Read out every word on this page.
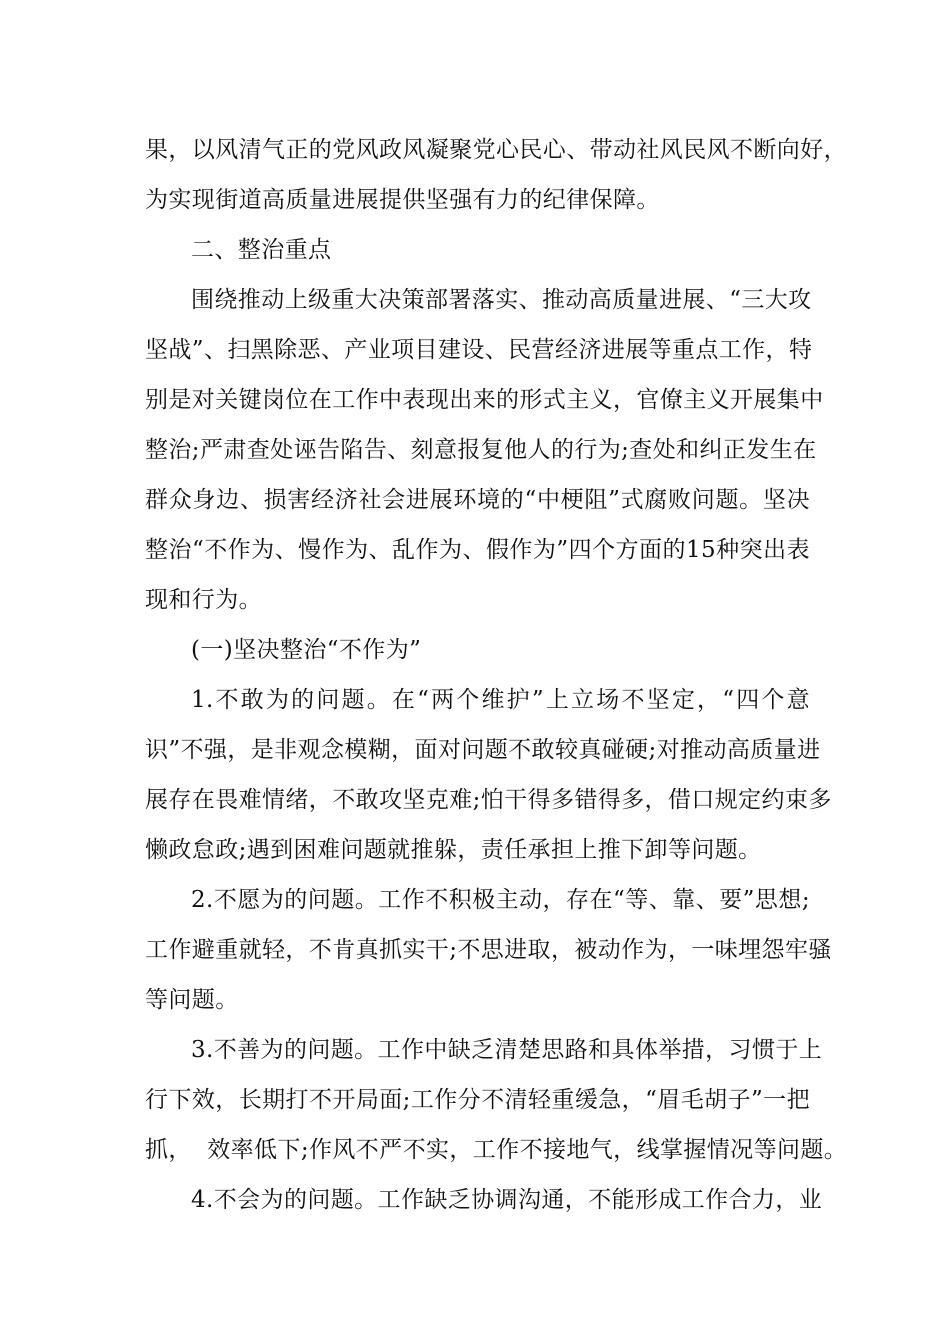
果，以风清气正的党风政风凝聚党心民心、带动社风民风不断向好，
为实现街道高质量进展提供坚强有力的纪律保障。
二、整治重点
围绕推动上级重大决策部署落实、推动高质量进展、“三大攻
坚战”、扫黑除恶、产业项目建设、民营经济进展等重点工作，特
别是对关键岗位在工作中表现出来的形式主义，官僚主义开展集中
整治;严肃查处诬告陷告、刻意报复他人的行为;查处和纠正发生在
群众身边、损害经济社会进展环境的“中梗阻”式腐败问题。坚决
整治“不作为、慢作为、乱作为、假作为”四个方面的15种突出表
现和行为。
(一)坚决整治“不作为”
1.不敢为的问题。在“两个维护”上立场不坚定，“四个意
识”不强，是非观念模糊，面对问题不敢较真碰硬;对推动高质量进
展存在畏难情绪，不敢攻坚克难;怕干得多错得多，借口规定约束多
懒政怠政;遇到困难问题就推躲，责任承担上推下卸等问题。
2.不愿为的问题。工作不积极主动，存在“等、靠、要”思想;
工作避重就轻，不肯真抓实干;不思进取，被动作为，一味埋怨牢骚
等问题。
3.不善为的问题。工作中缺乏清楚思路和具体举措，习惯于上
行下效，长期打不开局面;工作分不清轻重缓急，“眉毛胡子”一把
抓，  效率低下;作风不严不实，工作不接地气，线掌握情况等问题。
4.不会为的问题。工作缺乏协调沟通，不能形成工作合力，业
